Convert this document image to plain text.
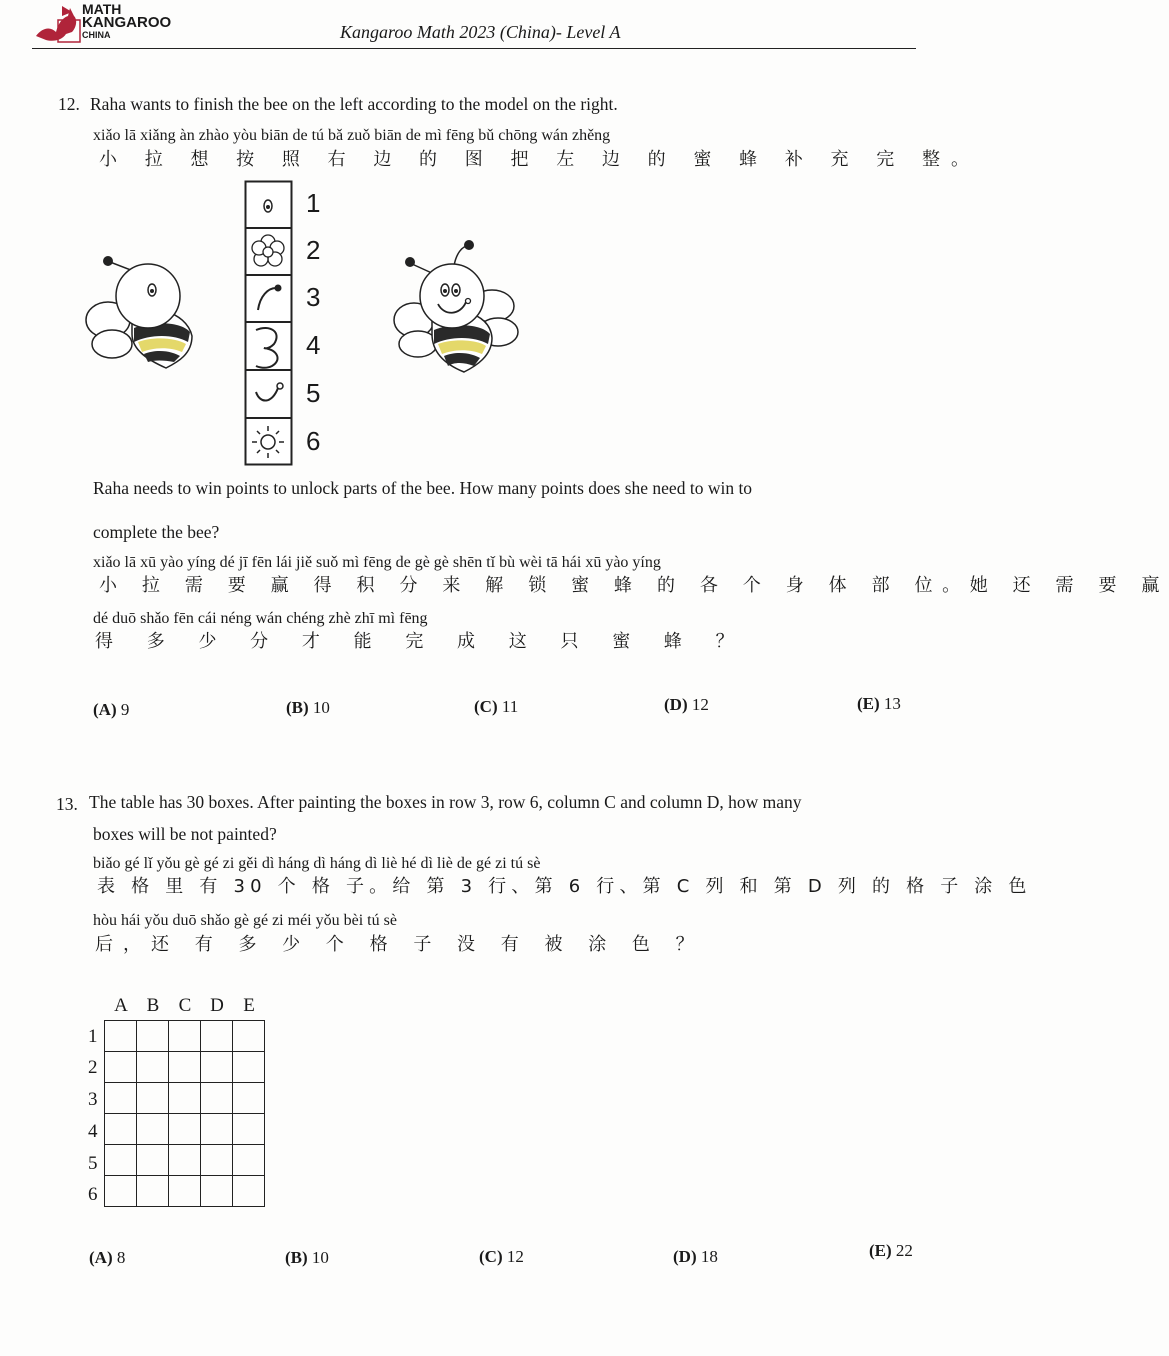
MATH
KANGAROO
CHINA	Kangaroo Math 2023 (China)- Level A
12. Raha wants to finish the bee on the left according to the model on the right.
xiǎo lā xiǎng àn zhào yòu biān de tú bǎ zuǒ biān de mì fēng bǔ chōng wán zhěng
小 拉 想 按 照 右 边 的 图 把 左 边 的 蜜 蜂 补 充 完 整。
1
2
3
4
5
6
Raha needs to win points to unlock parts of the bee. How many points does she need to win to
complete the bee?
xiǎo lā xū yào yíng dé jī fēn lái jiě suǒ mì fēng de gè gè shēn tǐ bù wèi tā hái xū yào yíng
小 拉 需 要 赢 得 积 分 来 解 锁 蜜 蜂 的 各 个 身 体 部 位。她 还 需 要 赢
dé duō shǎo fēn cái néng wán chéng zhè zhī mì fēng
得 多 少 分 才 能 完 成 这 只 蜜 蜂 ？
(A) 9	(B) 10	(C) 11	(D) 12	(E) 13
13. The table has 30 boxes. After painting the boxes in row 3, row 6, column C and column D, how many
boxes will be not painted?
biǎo gé lǐ yǒu gè gé zi gěi dì háng dì háng dì liè hé dì liè de gé zi tú sè
表 格 里 有 30 个 格 子。给 第 3 行、第 6 行、第 C 列 和 第 D 列 的 格 子 涂 色
hòu hái yǒu duō shǎo gè gé zi méi yǒu bèi tú sè
后，还 有 多 少 个 格 子 没 有 被 涂 色 ？
A B C D E
1
2
3
4
5
6

(A) 8	(B) 10	(C) 12	(D) 18	(E) 22
